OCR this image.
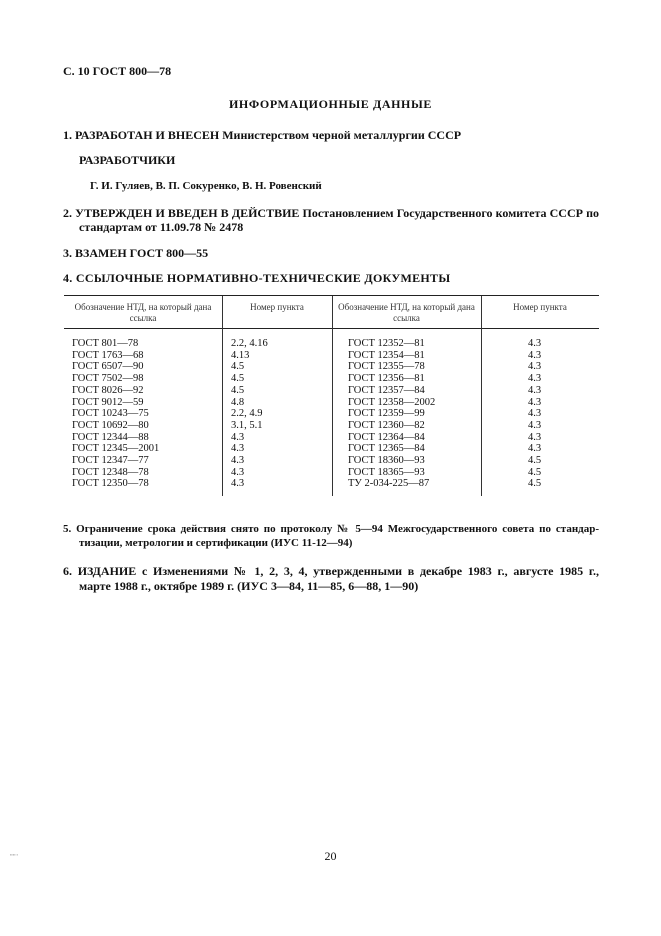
С. 10 ГОСТ 800—78
ИНФОРМАЦИОННЫЕ ДАННЫЕ
1. РАЗРАБОТАН И ВНЕСЕН Министерством черной металлургии СССР
РАЗРАБОТЧИКИ
Г. И. Гуляев, В. П. Сокуренко, В. Н. Ровенский
2. УТВЕРЖДЕН И ВВЕДЕН В ДЕЙСТВИЕ Постановлением Государственного комитета СССР по
стандартам от 11.09.78 № 2478
3. ВЗАМЕН ГОСТ 800—55
4. ССЫЛОЧНЫЕ НОРМАТИВНО-ТЕХНИЧЕСКИЕ ДОКУМЕНТЫ
Обозначение НТД, на который дана ссылка
Номер пункта	Обозначение НТД, на который дана ссылка
Номер пункта
ГОСТ 801—78
ГОСТ 1763—68
ГОСТ 6507—90
ГОСТ 7502—98
ГОСТ 8026—92
ГОСТ 9012—59
ГОСТ 10243—75
ГОСТ 10692—80
ГОСТ 12344—88
ГОСТ 12345—2001
ГОСТ 12347—77
ГОСТ 12348—78
ГОСТ 12350—78
2.2, 4.16
4.13
4.5
4.5
4.5
4.8
2.2, 4.9
3.1, 5.1
4.3
4.3
4.3
4.3
4.3
ГОСТ 12352—81
ГОСТ 12354—81
ГОСТ 12355—78
ГОСТ 12356—81
ГОСТ 12357—84
ГОСТ 12358—2002
ГОСТ 12359—99
ГОСТ 12360—82
ГОСТ 12364—84
ГОСТ 12365—84
ГОСТ 18360—93
ГОСТ 18365—93
ТУ 2-034-225—87
4.3
4.3
4.3
4.3
4.3
4.3
4.3
4.3
4.3
4.3
4.5
4.5
4.5
5. Ограничение срока действия снято по протоколу № 5—94 Межгосударственного совета по стандар-
тизации, метрологии и сертификации (ИУС 11-12—94)
6. ИЗДАНИЕ с Изменениями № 1, 2, 3, 4, утвержденными в декабре 1983 г., августе 1985 г.,
марте 1988 г., октябре 1989 г. (ИУС 3—84, 11—85, 6—88, 1—90)
20
▪▪▪▪ ▪
